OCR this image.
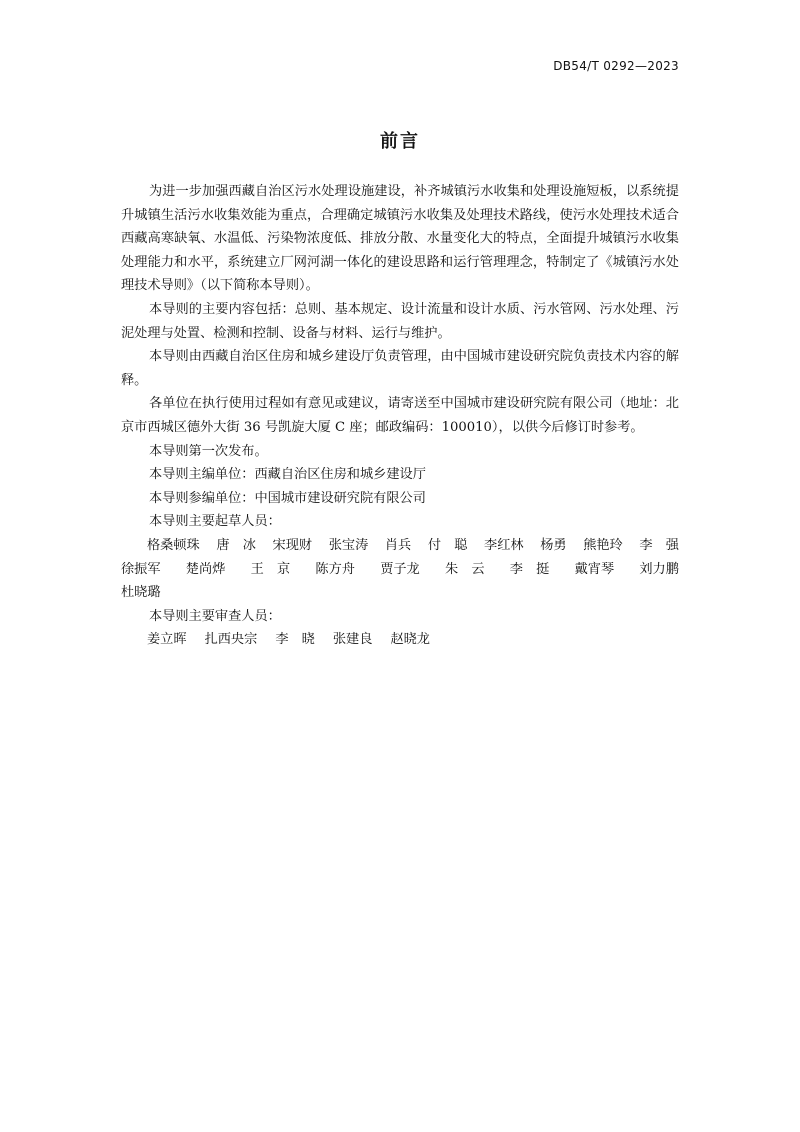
DB54/T 0292—2023
前言

为进一步加强西藏自治区污水处理设施建设，补齐城镇污水收集和处理设施短板，以系统提升城镇生活污水收集效能为重点，合理确定城镇污水收集及处理技术路线，使污水处理技术适合西藏高寒缺氧、水温低、污染物浓度低、排放分散、水量变化大的特点，全面提升城镇污水收集处理能力和水平，系统建立厂网河湖一体化的建设思路和运行管理理念，特制定了《城镇污水处理技术导则》（以下简称本导则）。

本导则的主要内容包括：总则、基本规定、设计流量和设计水质、污水管网、污水处理、污泥处理与处置、检测和控制、设备与材料、运行与维护。

本导则由西藏自治区住房和城乡建设厅负责管理，由中国城市建设研究院负责技术内容的解释。

各单位在执行使用过程如有意见或建议，请寄送至中国城市建设研究院有限公司（地址：北京市西城区德外大街 36 号凯旋大厦 C 座；邮政编码：100010），以供今后修订时参考。

本导则第一次发布。

本导则主编单位：西藏自治区住房和城乡建设厅

本导则参编单位：中国城市建设研究院有限公司

本导则主要起草人员：

格桑顿珠 唐　冰 宋现财 张宝涛 肖兵 付　聪 李红林 杨勇 熊艳玲 李　强
徐振军 楚尚烨 王　京 陈方舟 贾子龙 朱　云 李　挺 戴宵琴 刘力鹏
杜晓璐

本导则主要审查人员：

姜立晖 扎西央宗 李　晓 张建良 赵晓龙
